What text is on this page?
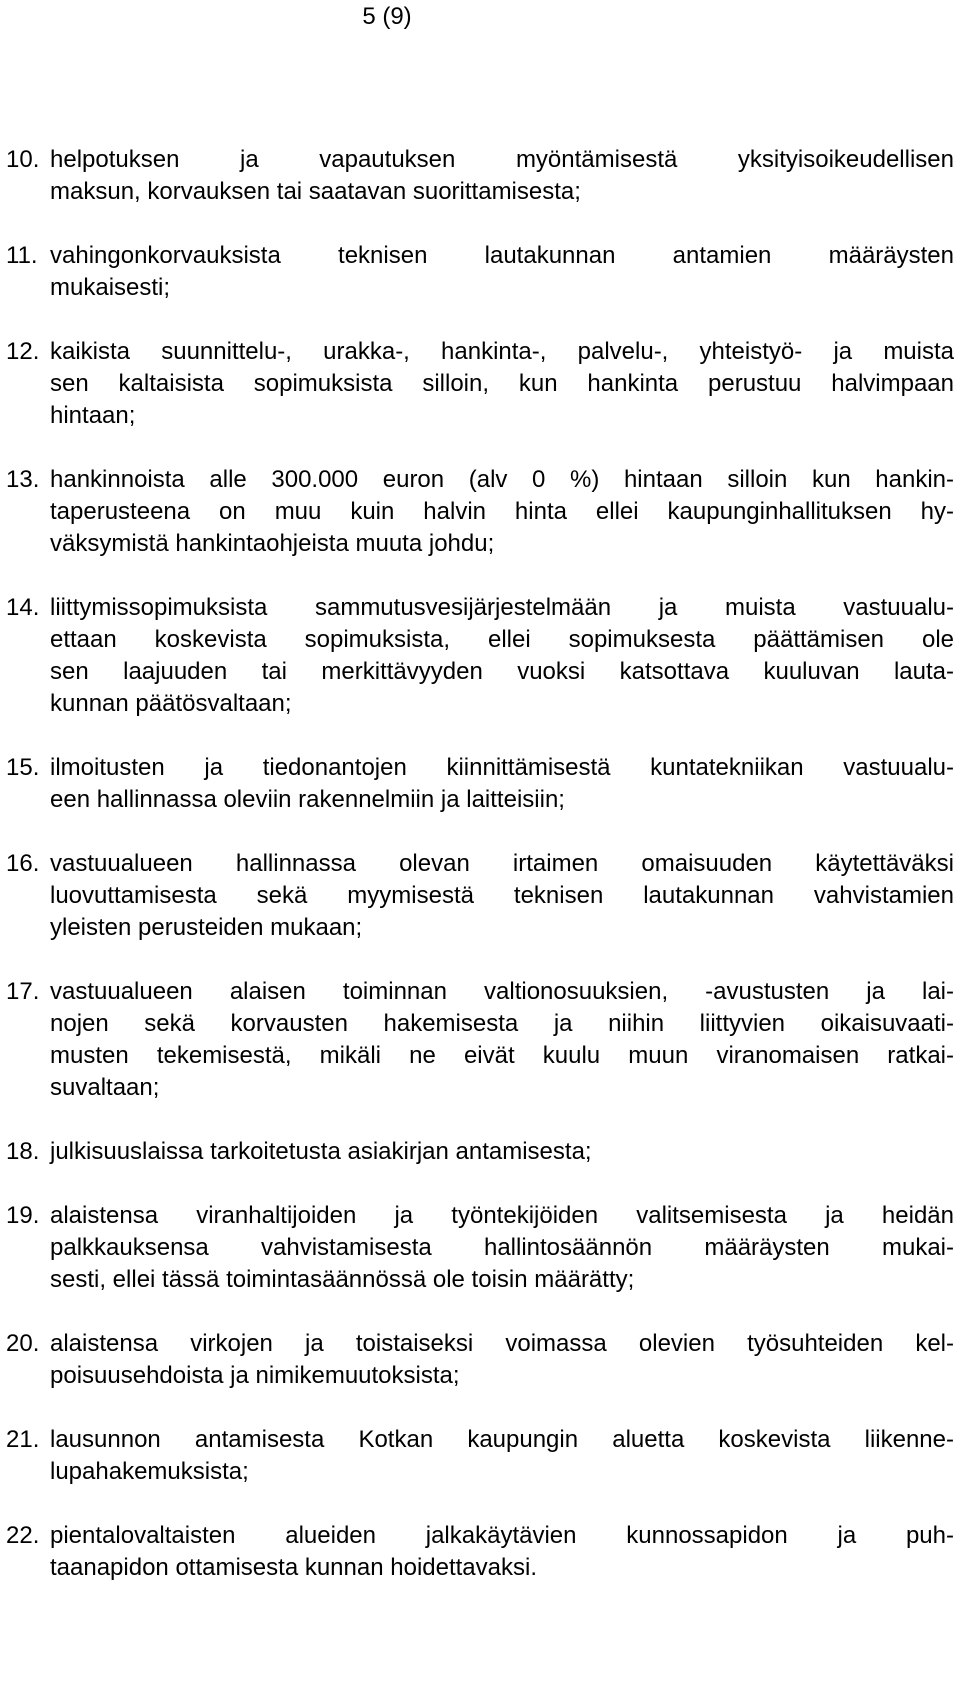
5 (9)
10. helpotuksen ja vapautuksen myöntämisestä yksityisoikeudellisen
maksun, korvauksen tai saatavan suorittamisesta;
11. vahingonkorvauksista teknisen lautakunnan antamien määräysten
mukaisesti;
12. kaikista suunnittelu-, urakka-, hankinta-, palvelu-, yhteistyö- ja muista
sen kaltaisista sopimuksista silloin, kun hankinta perustuu halvimpaan
hintaan;
13. hankinnoista alle 300.000 euron (alv 0 %) hintaan silloin kun hankin-
taperusteena on muu kuin halvin hinta ellei kaupunginhallituksen hy-
väksymistä hankintaohjeista muuta johdu;
14. liittymissopimuksista sammutusvesijärjestelmään ja muista vastuualu-
ettaan koskevista sopimuksista, ellei sopimuksesta päättämisen ole
sen laajuuden tai merkittävyyden vuoksi katsottava kuuluvan lauta-
kunnan päätösvaltaan;
15. ilmoitusten ja tiedonantojen kiinnittämisestä kuntatekniikan vastuualu-
een hallinnassa oleviin rakennelmiin ja laitteisiin;
16. vastuualueen hallinnassa olevan irtaimen omaisuuden käytettäväksi
luovuttamisesta sekä myymisestä teknisen lautakunnan vahvistamien
yleisten perusteiden mukaan;
17. vastuualueen alaisen toiminnan valtionosuuksien, -avustusten ja lai-
nojen sekä korvausten hakemisesta ja niihin liittyvien oikaisuvaati-
musten tekemisestä, mikäli ne eivät kuulu muun viranomaisen ratkai-
suvaltaan;
18. julkisuuslaissa tarkoitetusta asiakirjan antamisesta;
19. alaistensa viranhaltijoiden ja työntekijöiden valitsemisesta ja heidän
palkkauksensa vahvistamisesta hallintosäännön määräysten mukai-
sesti, ellei tässä toimintasäännössä ole toisin määrätty;
20. alaistensa virkojen ja toistaiseksi voimassa olevien työsuhteiden kel-
poisuusehdoista ja nimikemuutoksista;
21. lausunnon antamisesta Kotkan kaupungin aluetta koskevista liikenne-
lupahakemuksista;
22. pientalovaltaisten alueiden jalkakäytävien kunnossapidon ja puh-
taanapidon ottamisesta kunnan hoidettavaksi.
